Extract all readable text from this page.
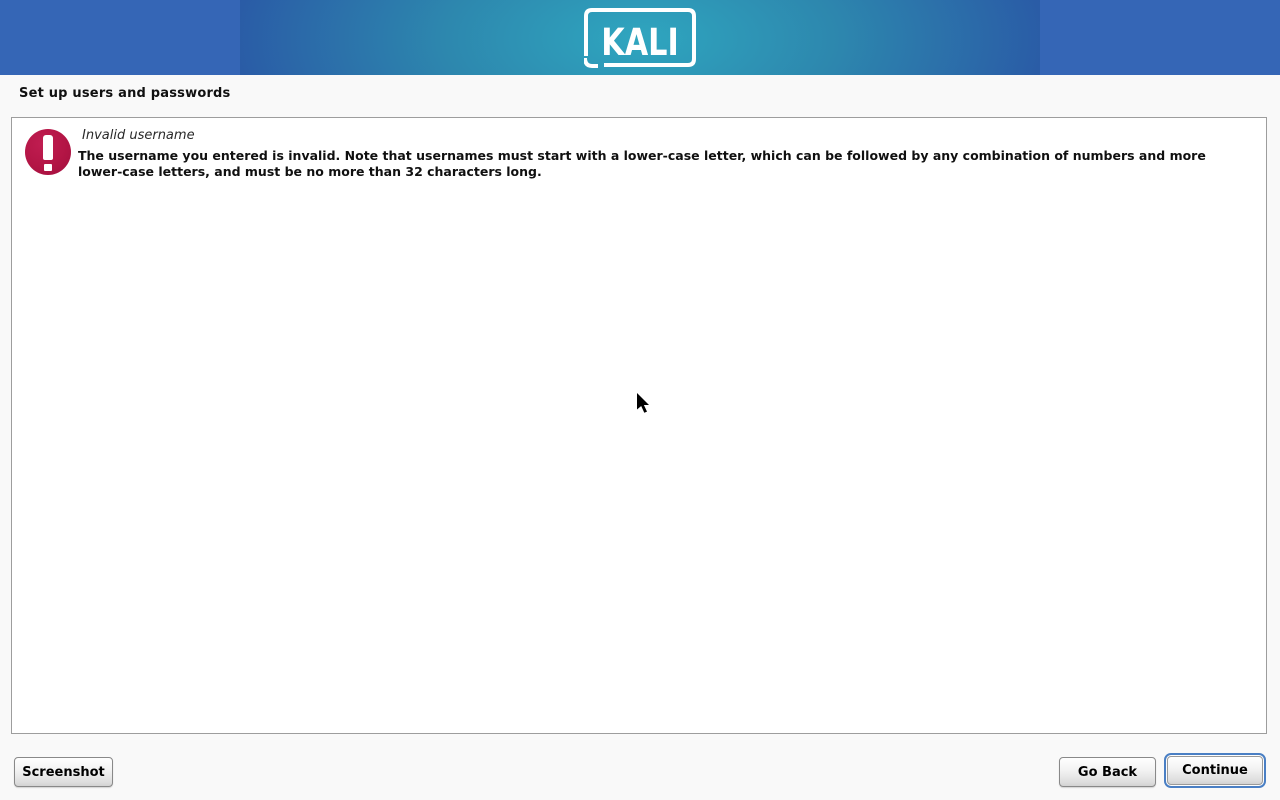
KALI
Set up users and passwords
Invalid username
The username you entered is invalid. Note that usernames must start with a lower-case letter, which can be followed by any combination of numbers and more lower-case letters, and must be no more than 32 characters long.
Screenshot	Go Back	Continue
